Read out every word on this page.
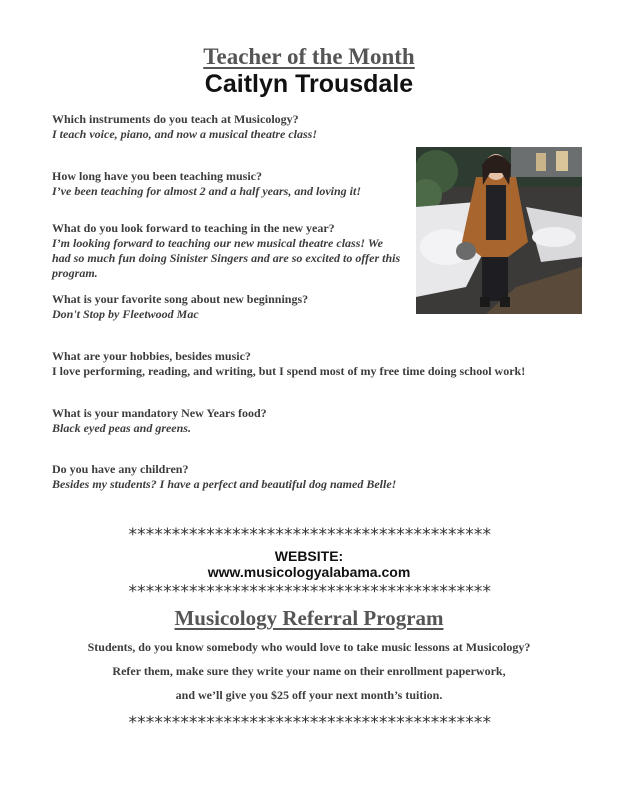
Teacher of the Month
Caitlyn Trousdale
Which instruments do you teach at Musicology?
I teach voice, piano, and now a musical theatre class!
How long have you been teaching music?
I’ve been teaching for almost 2 and a half years, and loving it!
What do you look forward to teaching in the new year?
I’m looking forward to teaching our new musical theatre class! We
had so much fun doing Sinister Singers and are so excited to offer this
program.
What is your favorite song about new beginnings?
Don't Stop by Fleetwood Mac
What are your hobbies, besides music?
I love performing, reading, and writing, but I spend most of my free time doing school work!
What is your mandatory New Years food?
Black eyed peas and greens.
Do you have any children?
Besides my students? I have a perfect and beautiful dog named Belle!
******************************************
WEBSITE:
www.musicologyalabama.com
******************************************
Musicology Referral Program
Students, do you know somebody who would love to take music lessons at Musicology?
Refer them, make sure they write your name on their enrollment paperwork,
and we’ll give you $25 off your next month’s tuition.
******************************************
